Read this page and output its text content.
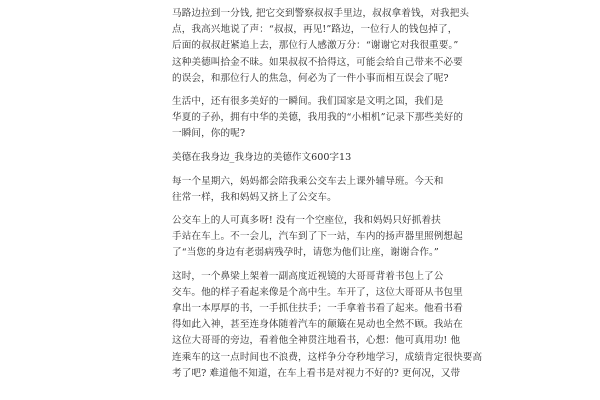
马路边拉到一分钱, 把它交到警察叔叔手里边，叔叔拿着钱，对我把头
点，我高兴地说了声：“叔叔，再见!”路边，一位行人的钱包掉了，
后面的叔叔赶紧追上去，那位行人感激万分：“谢谢它对我很重要。”
这种美德叫拾金不昧。如果叔叔不拾得这，可能会给自己带来不必要
的误会，和那位行人的焦急，何必为了一件小事而相互误会了呢?

生活中，还有很多美好的一瞬间。我们国家是文明之国，我们是
华夏的子孙，拥有中华的美德，我用我的“小相机”记录下那些美好的
一瞬间，你的呢?

美德在我身边_我身边的美德作文600字13

每一个星期六，妈妈都会陪我乘公交车去上课外辅导班。今天和
往常一样，我和妈妈又挤上了公交车。

公交车上的人可真多呀! 没有一个空座位，我和妈妈只好抓着扶
手站在车上。不一会儿，汽车到了下一站，车内的扬声器里照例想起
了“当您的身边有老弱病残孕时，请您为他们让座，谢谢合作。”

这时，一个鼻梁上架着一副高度近视镜的大哥哥背着书包上了公
交车。他的样子看起来像是个高中生。车开了，这位大哥哥从书包里
拿出一本厚厚的书，一手抓住扶手；一手拿着书看了起来。他看书看
得如此入神，甚至连身体随着汽车的颠簸在晃动也全然不顾。我站在
这位大哥哥的旁边，看着他全神贯注地看书，心想：他可真用功! 他
连乘车的这一点时间也不浪费，这样争分夺秒地学习，成绩肯定很快要高
考了吧? 难道他不知道，在车上看书是对视力不好的? 更何况，又带
